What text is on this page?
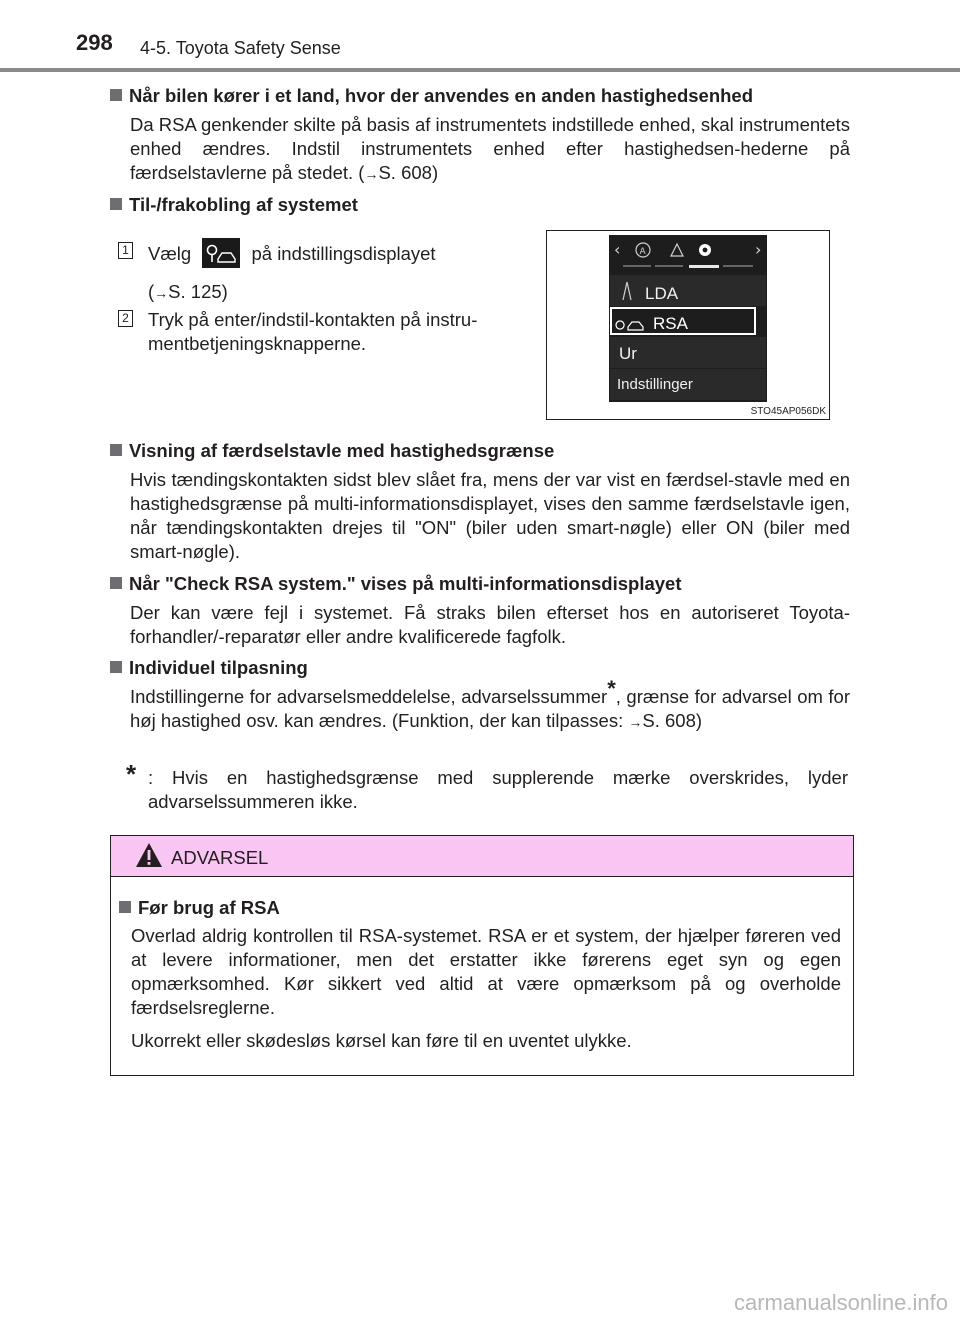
298 4-5. Toyota Safety Sense
Når bilen kører i et land, hvor der anvendes en anden hastighedsenhed
Da RSA genkender skilte på basis af instrumentets indstillede enhed, skal instrumentets enhed ændres. Indstil instrumentets enhed efter hastighedsen-hederne på færdselstavlerne på stedet. (→S. 608)
Til-/frakobling af systemet
1 Vælg	på indstillingsdisplayet
(→S. 125)
2 Tryk på enter/indstil-kontakten på instru-mentbetjeningsknapperne.
‹ A	›
LDA
RSA
Ur
Indstillinger
STO45AP056DK
Visning af færdselstavle med hastighedsgrænse
Hvis tændingskontakten sidst blev slået fra, mens der var vist en færdsel-stavle med en hastighedsgrænse på multi-informationsdisplayet, vises den samme færdselstavle igen, når tændingskontakten drejes til "ON" (biler uden smart-nøgle) eller ON (biler med smart-nøgle).
Når "Check RSA system." vises på multi-informationsdisplayet
Der kan være fejl i systemet. Få straks bilen efterset hos en autoriseret Toyota-forhandler/-reparatør eller andre kvalificerede fagfolk.
Individuel tilpasning
Indstillingerne for advarselsmeddelelse, advarselssummer*, grænse for advarsel om for høj hastighed osv. kan ændres. (Funktion, der kan tilpasses: →S. 608)
* : Hvis en hastighedsgrænse med supplerende mærke overskrides, lyder advarselssummeren ikke.
ADVARSEL
Før brug af RSA

Overlad aldrig kontrollen til RSA-systemet. RSA er et system, der hjælper føreren ved at levere informationer, men det erstatter ikke førerens eget syn og egen opmærksomhed. Kør sikkert ved altid at være opmærksom på og overholde færdselsreglerne.

Ukorrekt eller skødesløs kørsel kan føre til en uventet ulykke.

carmanualsonline.info
